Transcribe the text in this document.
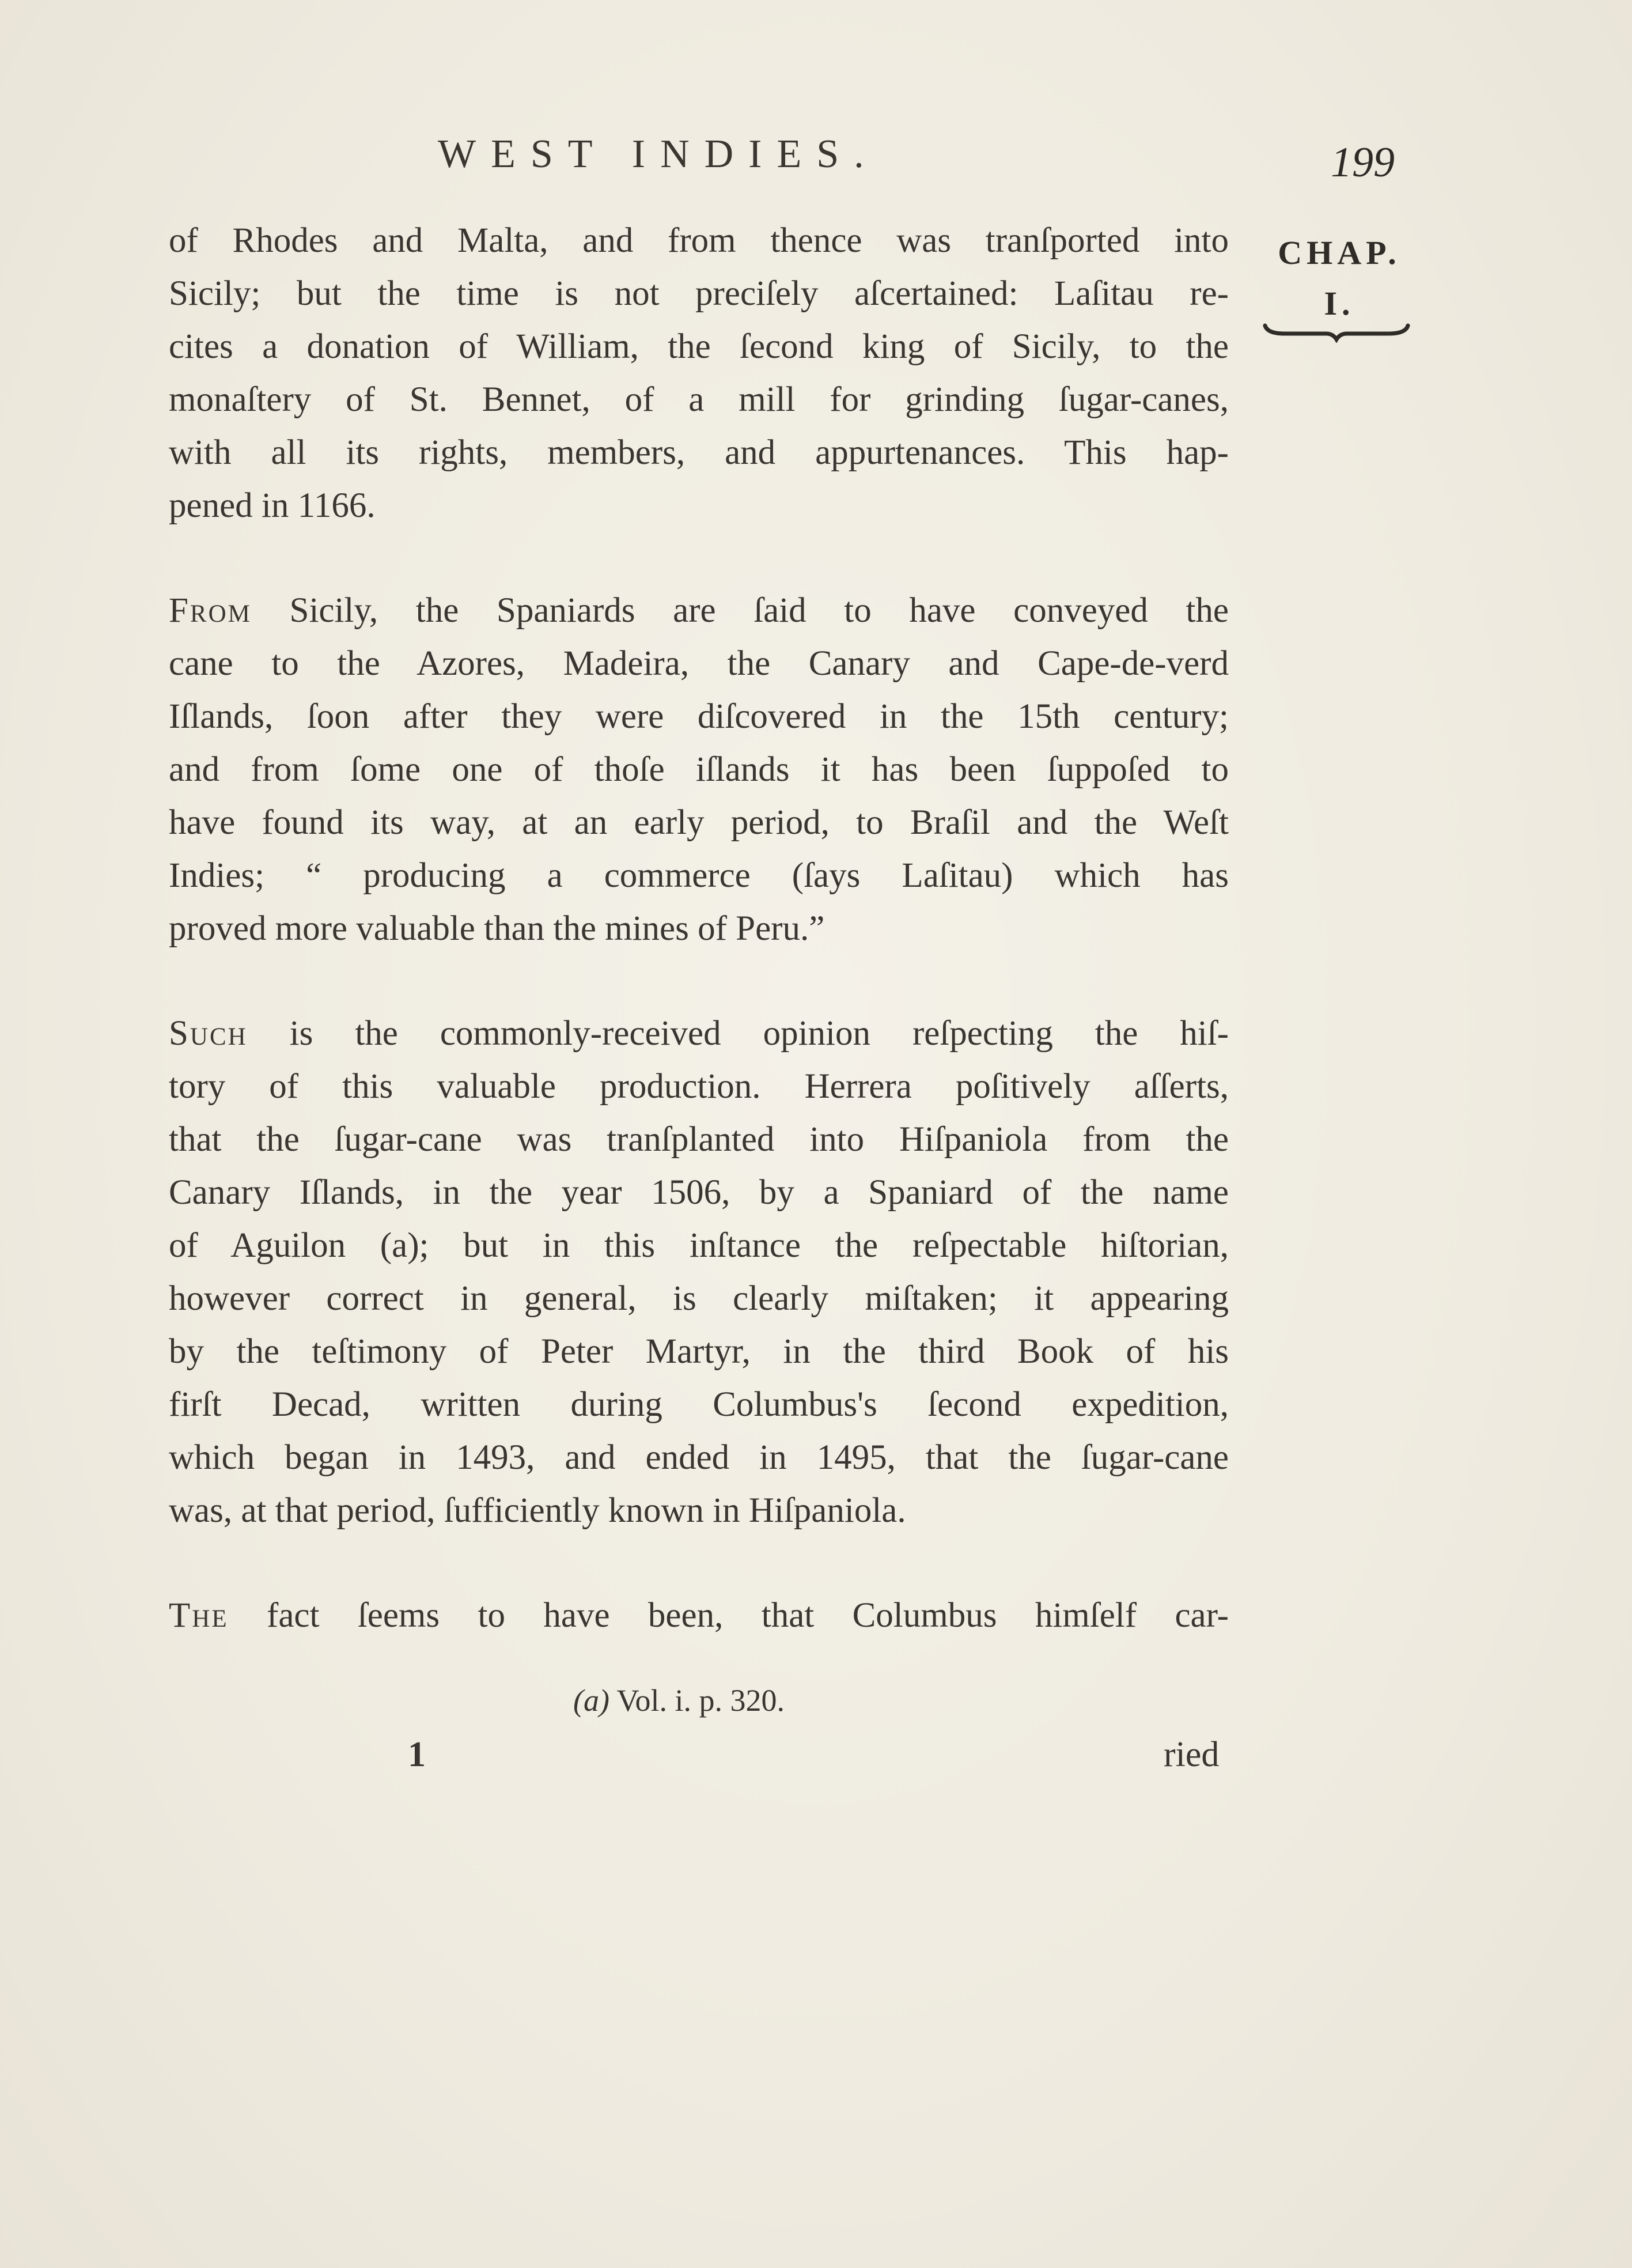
WEST INDIES.	199
CHAP.
I.

of Rhodes and Malta, and from thence was tranſported into
Sicily; but the time is not preciſely aſcertained: Laſitau re-
cites a donation of William, the ſecond king of Sicily, to the
monaſtery of St. Bennet, of a mill for grinding ſugar-canes,
with all its rights, members, and appurtenances. This hap-
pened in 1166.

From Sicily, the Spaniards are ſaid to have conveyed the
cane to the Azores, Madeira, the Canary and Cape-de-verd
Iſlands, ſoon after they were diſcovered in the 15th century;
and from ſome one of thoſe iſlands it has been ſuppoſed to
have found its way, at an early period, to Braſil and the Weſt
Indies; “ producing a commerce (ſays Laſitau) which has
proved more valuable than the mines of Peru.”

Such is the commonly-received opinion reſpecting the hiſ-
tory of this valuable production. Herrera poſitively aſſerts,
that the ſugar-cane was tranſplanted into Hiſpaniola from the
Canary Iſlands, in the year 1506, by a Spaniard of the name
of Aguilon (a); but in this inſtance the reſpectable hiſtorian,
however correct in general, is clearly miſtaken; it appearing
by the teſtimony of Peter Martyr, in the third Book of his
firſt Decad, written during Columbus's ſecond expedition,
which began in 1493, and ended in 1495, that the ſugar-cane
was, at that period, ſufficiently known in Hiſpaniola.

The fact ſeems to have been, that Columbus himſelf car-

(a) Vol. i. p. 320.
1	ried
